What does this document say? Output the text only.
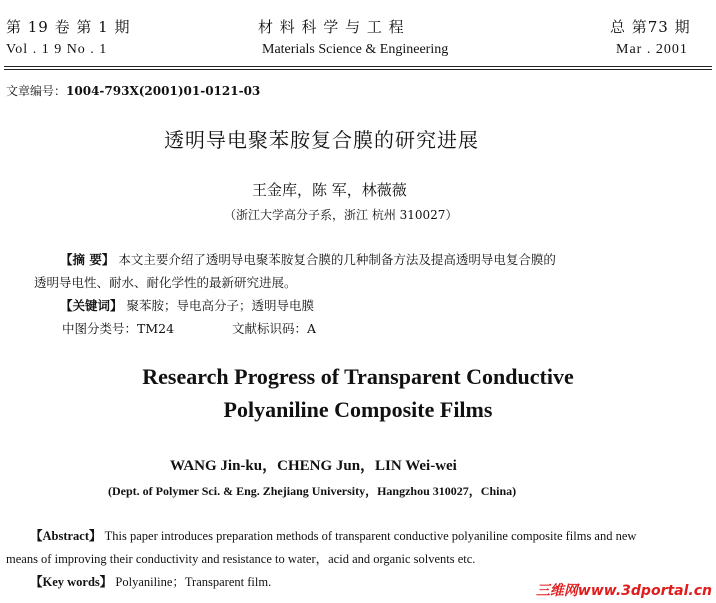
第 19 卷 第 1 期
Vol . 1 9 No . 1
材 料 科 学 与 工 程
Materials Science & Engineering
总 第73 期
Mar . 2001
文章编号：1004-793X(2001)01-0121-03
透明导电聚苯胺复合膜的研究进展
王金库，陈 军，林薇薇
（浙江大学高分子系，浙江 杭州 310027）
【摘 要】 本文主要介绍了透明导电聚苯胺复合膜的几种制备方法及提高透明导电复合膜的
透明导电性、耐水、耐化学性的最新研究进展。
【关键词】 聚苯胺；导电高分子；透明导电膜
中图分类号：TM24	文献标识码：A
Research Progress of Transparent Conductive
Polyaniline Composite Films
WANG Jin-ku，CHENG Jun，LIN Wei-wei
(Dept. of Polymer Sci. & Eng. Zhejiang University，Hangzhou 310027，China)
【Abstract】 This paper introduces preparation methods of transparent conductive polyaniline composite films and new
means of improving their conductivity and resistance to water，acid and organic solvents etc.
【Key words】 Polyaniline；Transparent film.
三维网www.3dportal.cn
